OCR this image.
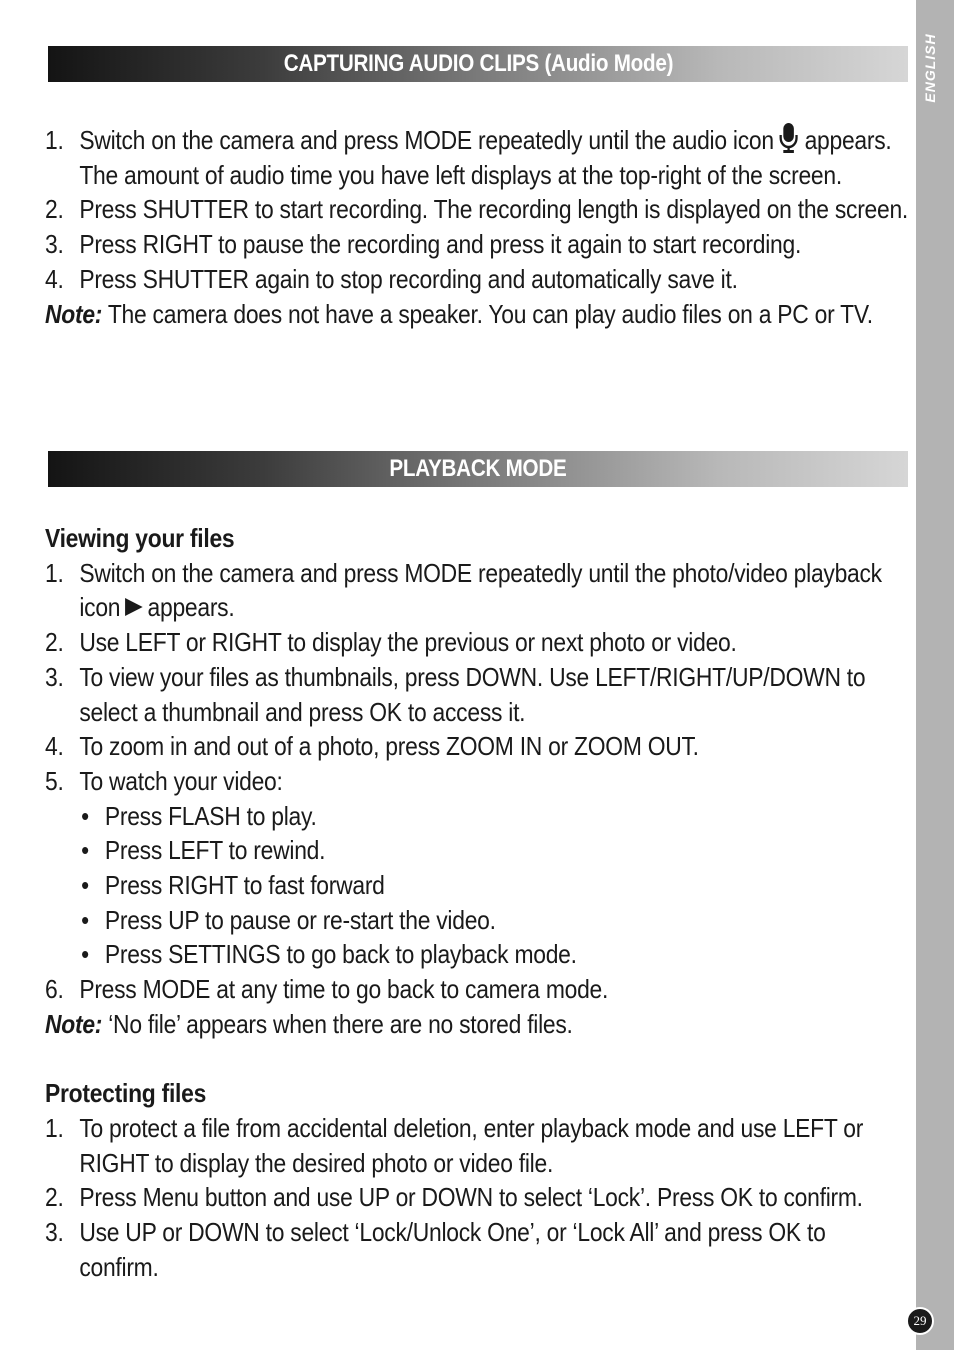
ENGLISH
29
CAPTURING AUDIO CLIPS (Audio Mode)
1. Switch on the camera and press MODE repeatedly until the audio icon appears. The amount of audio time you have left displays at the top-right of the screen.
2. Press SHUTTER to start recording. The recording length is displayed on the screen.
3. Press RIGHT to pause the recording and press it again to start recording.
4. Press SHUTTER again to stop recording and automatically save it.

Note: The camera does not have a speaker. You can play audio files on a PC or TV.

PLAYBACK MODE
Viewing your files
1. Switch on the camera and press MODE repeatedly until the photo/video playback icon appears.
2. Use LEFT or RIGHT to display the previous or next photo or video.
3. To view your files as thumbnails, press DOWN. Use LEFT/RIGHT/UP/DOWN to select a thumbnail and press OK to access it.
4. To zoom in and out of a photo, press ZOOM IN or ZOOM OUT.
5. To watch your video:
• Press FLASH to play.
• Press LEFT to rewind.
• Press RIGHT to fast forward
• Press UP to pause or re-start the video.
• Press SETTINGS to go back to playback mode.
6. Press MODE at any time to go back to camera mode.

Note: ‘No file’ appears when there are no stored files.

Protecting files
1. To protect a file from accidental deletion, enter playback mode and use LEFT or RIGHT to display the desired photo or video file.
2. Press Menu button and use UP or DOWN to select ‘Lock’. Press OK to confirm.
3. Use UP or DOWN to select ‘Lock/Unlock One’, or ‘Lock All’ and press OK to confirm.
